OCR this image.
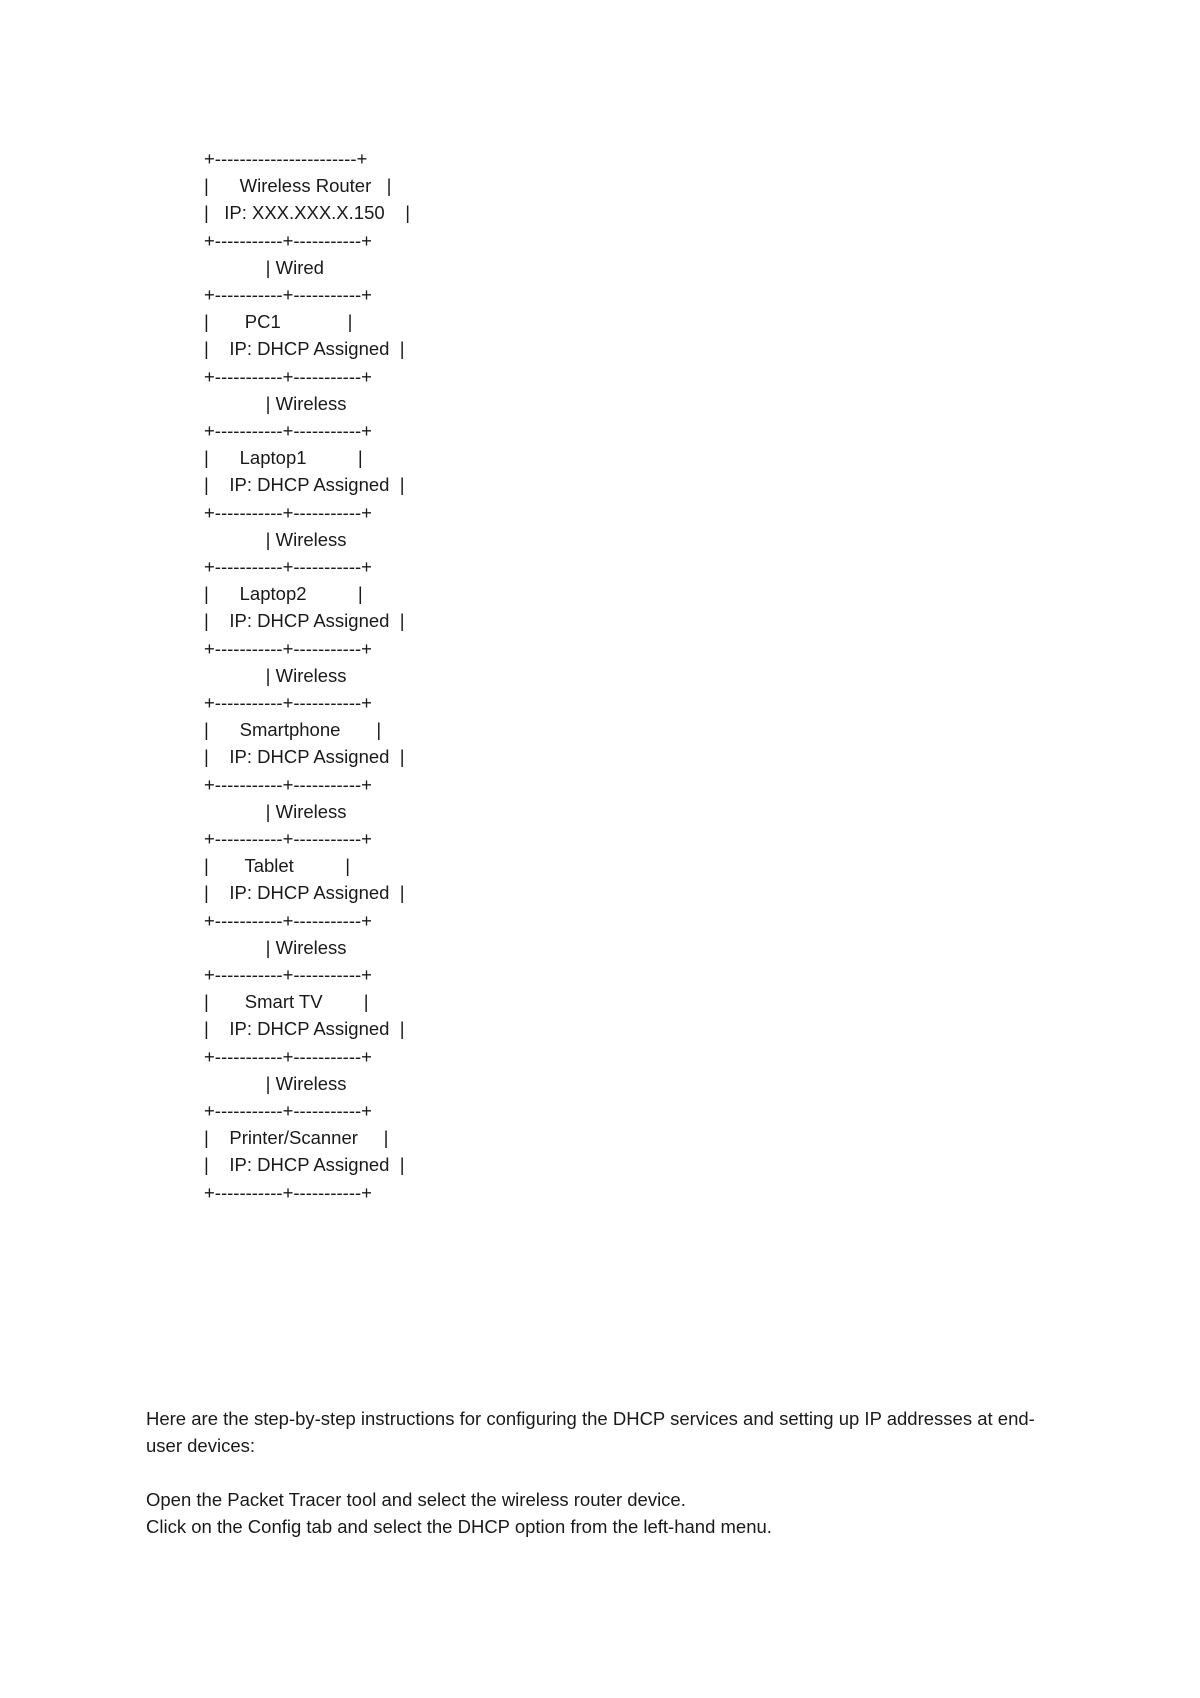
+-----------------------+
|      Wireless Router   |
|   IP: XXX.XXX.X.150    |
+-----------+-----------+
| Wired
+-----------+-----------+
|       PC1             |
|    IP: DHCP Assigned  |
+-----------+-----------+
| Wireless
+-----------+-----------+
|      Laptop1          |
|    IP: DHCP Assigned  |
+-----------+-----------+
| Wireless
+-----------+-----------+
|      Laptop2          |
|    IP: DHCP Assigned  |
+-----------+-----------+
| Wireless
+-----------+-----------+
|      Smartphone       |
|    IP: DHCP Assigned  |
+-----------+-----------+
| Wireless
+-----------+-----------+
|       Tablet          |
|    IP: DHCP Assigned  |
+-----------+-----------+
| Wireless
+-----------+-----------+
|       Smart TV        |
|    IP: DHCP Assigned  |
+-----------+-----------+
| Wireless
+-----------+-----------+
|    Printer/Scanner     |
|    IP: DHCP Assigned  |
+-----------+-----------+

Here are the step-by-step instructions for configuring the DHCP services and setting up IP addresses at end-user devices:

Open the Packet Tracer tool and select the wireless router device.

Click on the Config tab and select the DHCP option from the left-hand menu.
